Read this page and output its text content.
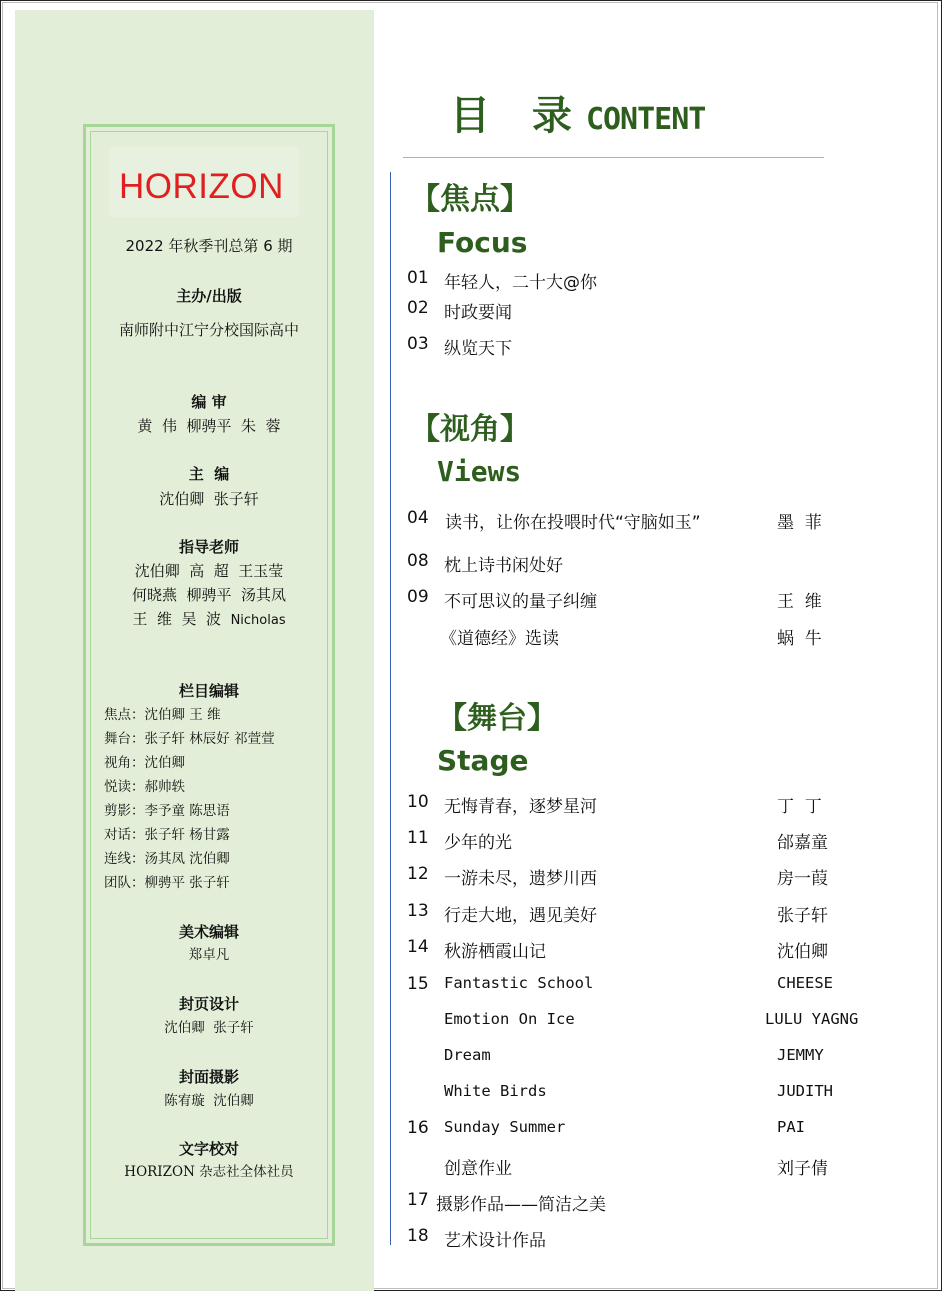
HORIZON
2022 年秋季刊总第 6 期
主办/出版
南师附中江宁分校国际高中
编 审
黄  伟  柳骋平  朱  蓉
主  编
沈伯卿  张子轩
指导老师
沈伯卿  高  超  王玉莹
何晓燕  柳骋平  汤其凤
王  维  吴  波 Nicholas
栏目编辑
焦点：沈伯卿 王 维
舞台：张子轩 林辰好 祁萱萱
视角：沈伯卿
悦读：郝帅轶
剪影：李予童 陈思语
对话：张子轩 杨甘露
连线：汤其凤 沈伯卿
团队：柳骋平 张子轩
美术编辑
郑卓凡
封页设计
沈伯卿  张子轩
封面摄影
陈宥璇  沈伯卿
文字校对
HORIZON 杂志社全体社员
目 录CONTENT
【焦点】
Focus
01 年轻人，二十大@你
02 时政要闻
03 纵览天下
【视角】
Views
04 读书，让你在投喂时代“守脑如玉”	墨  菲
08 枕上诗书闲处好
09 不可思议的量子纠缠	王  维
《道德经》选读	蜗  牛
【舞台】
Stage
10 无悔青春，逐梦星河	丁  丁
11 少年的光	邰嘉童
12 一游未尽，遗梦川西	房一葭
13 行走大地，遇见美好	张子轩
14 秋游栖霞山记	沈伯卿
15 Fantastic School	CHEESE
Emotion On Ice	LULU YAGNG
Dream	JEMMY
White Birds	JUDITH
16 Sunday Summer	PAI
创意作业	刘子倩
17 摄影作品——简洁之美
18 艺术设计作品
